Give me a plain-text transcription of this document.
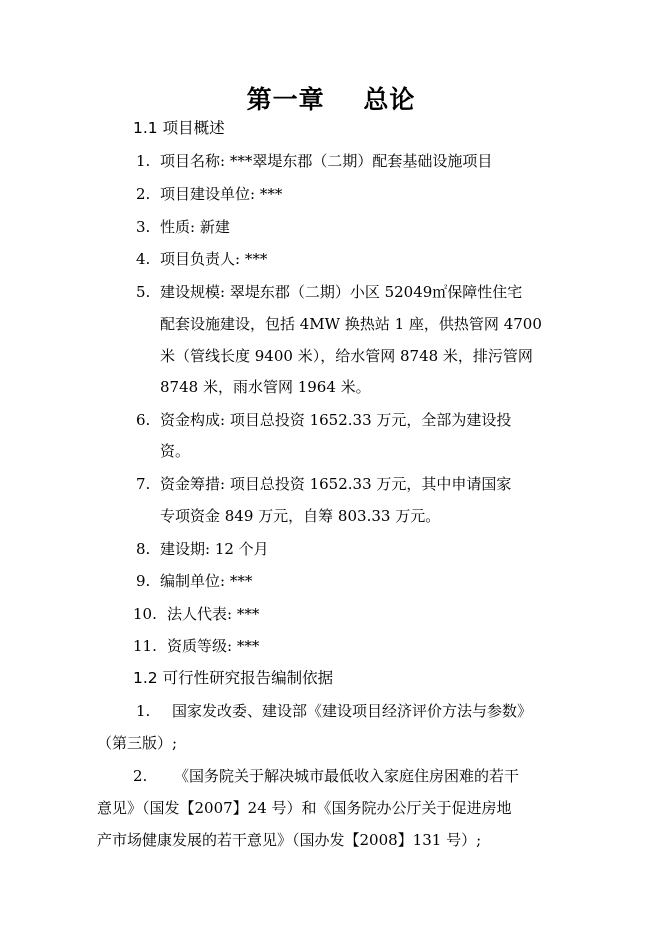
第一章    总论
1.1 项目概述
1. 项目名称: ***翠堤东郡（二期）配套基础设施项目
2. 项目建设单位: ***
3. 性质: 新建
4. 项目负责人: ***
5. 建设规模: 翠堤东郡（二期）小区 52049㎡保障性住宅
配套设施建设，包括 4MW 换热站 1 座，供热管网 4700
米（管线长度 9400 米），给水管网 8748 米，排污管网
8748 米，雨水管网 1964 米。
6. 资金构成: 项目总投资 1652.33 万元，全部为建设投
资。
7. 资金筹措: 项目总投资 1652.33 万元，其中申请国家
专项资金 849 万元，自筹 803.33 万元。
8. 建设期: 12 个月
9. 编制单位: ***
10. 法人代表: ***
11. 资质等级: ***
1.2 可行性研究报告编制依据
1. 国家发改委、建设部《建设项目经济评价方法与参数》
（第三版）;
2. 《国务院关于解决城市最低收入家庭住房困难的若干
意见》（国发【2007】24 号）和《国务院办公厅关于促进房地
产市场健康发展的若干意见》（国办发【2008】131 号）;
